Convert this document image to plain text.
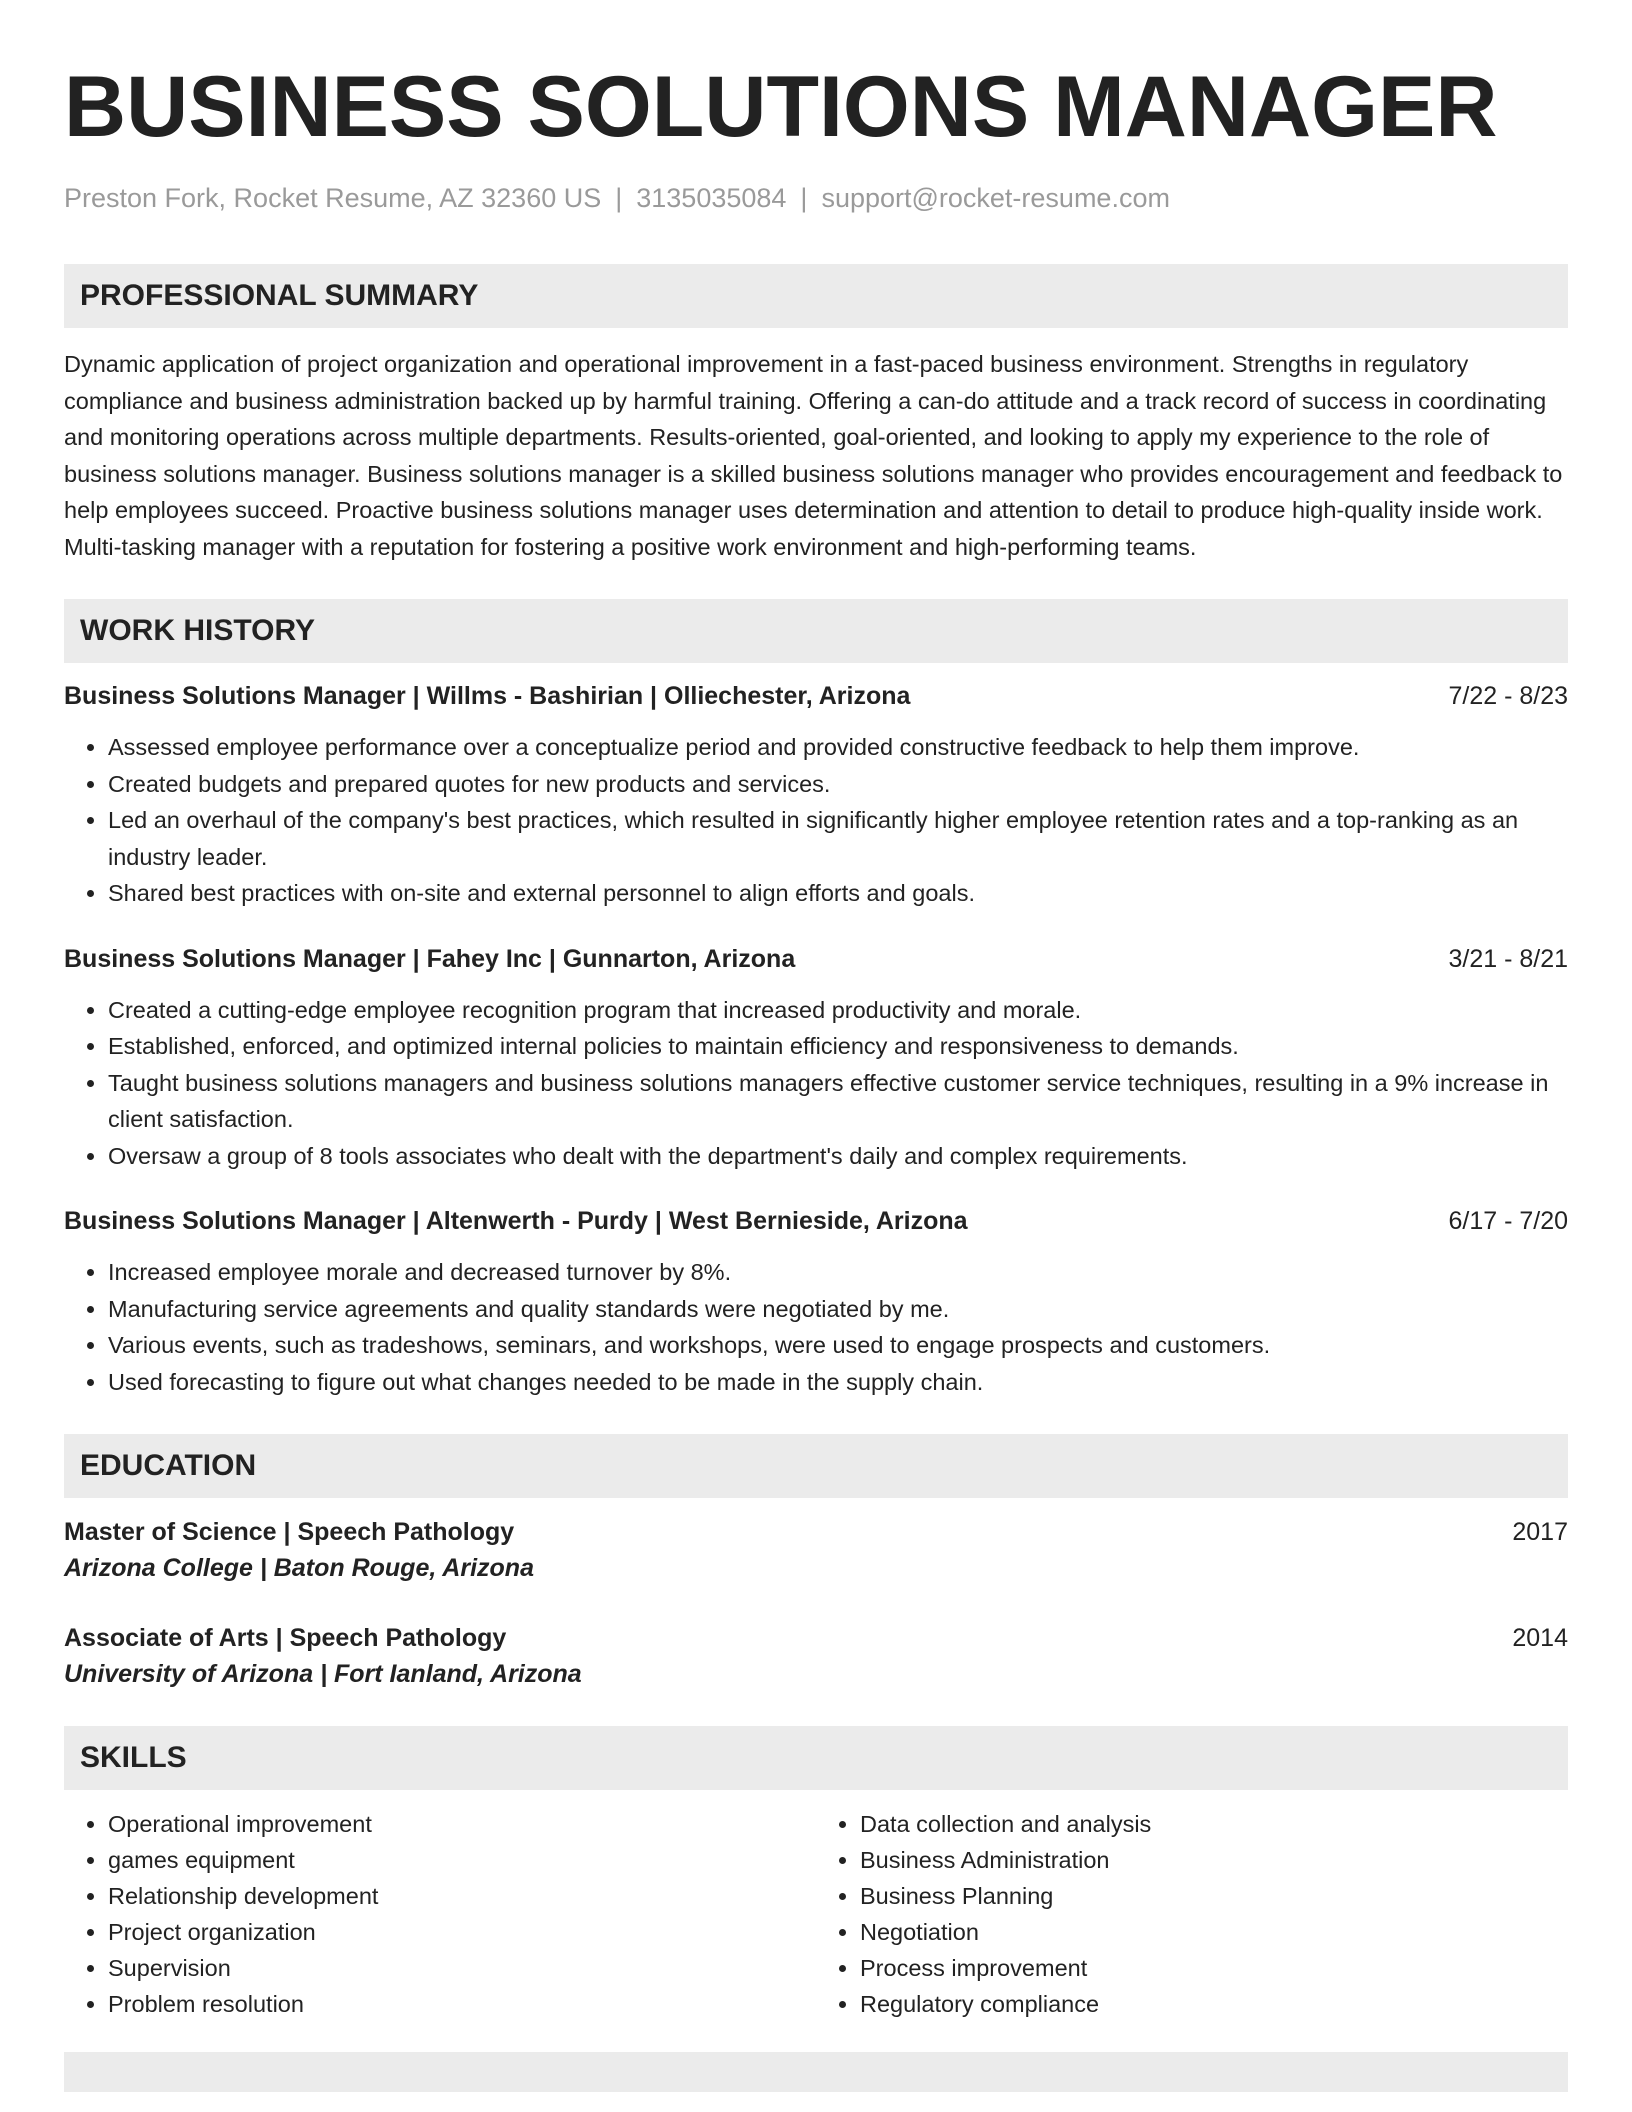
BUSINESS SOLUTIONS MANAGER
Preston Fork, Rocket Resume, AZ 32360 US | 3135035084 | support@rocket-resume.com
PROFESSIONAL SUMMARY
Dynamic application of project organization and operational improvement in a fast-paced business environment. Strengths in regulatory compliance and business administration backed up by harmful training. Offering a can-do attitude and a track record of success in coordinating and monitoring operations across multiple departments. Results-oriented, goal-oriented, and looking to apply my experience to the role of business solutions manager. Business solutions manager is a skilled business solutions manager who provides encouragement and feedback to help employees succeed. Proactive business solutions manager uses determination and attention to detail to produce high-quality inside work. Multi-tasking manager with a reputation for fostering a positive work environment and high-performing teams.
WORK HISTORY
Business Solutions Manager | Willms - Bashirian | Olliechester, Arizona	7/22 - 8/23
• Assessed employee performance over a conceptualize period and provided constructive feedback to help them improve.
• Created budgets and prepared quotes for new products and services.
• Led an overhaul of the company's best practices, which resulted in significantly higher employee retention rates and a top-ranking as an industry leader.
• Shared best practices with on-site and external personnel to align efforts and goals.
Business Solutions Manager | Fahey Inc | Gunnarton, Arizona	3/21 - 8/21
• Created a cutting-edge employee recognition program that increased productivity and morale.
• Established, enforced, and optimized internal policies to maintain efficiency and responsiveness to demands.
• Taught business solutions managers and business solutions managers effective customer service techniques, resulting in a 9% increase in client satisfaction.
• Oversaw a group of 8 tools associates who dealt with the department's daily and complex requirements.
Business Solutions Manager | Altenwerth - Purdy | West Bernieside, Arizona	6/17 - 7/20
• Increased employee morale and decreased turnover by 8%.
• Manufacturing service agreements and quality standards were negotiated by me.
• Various events, such as tradeshows, seminars, and workshops, were used to engage prospects and customers.
• Used forecasting to figure out what changes needed to be made in the supply chain.
EDUCATION
Master of Science | Speech Pathology	2017
Arizona College | Baton Rouge, Arizona
Associate of Arts | Speech Pathology	2014
University of Arizona | Fort Ianland, Arizona
SKILLS
• Operational improvement
• games equipment
• Relationship development
• Project organization
• Supervision
• Problem resolution
• Data collection and analysis
• Business Administration
• Business Planning
• Negotiation
• Process improvement
• Regulatory compliance
